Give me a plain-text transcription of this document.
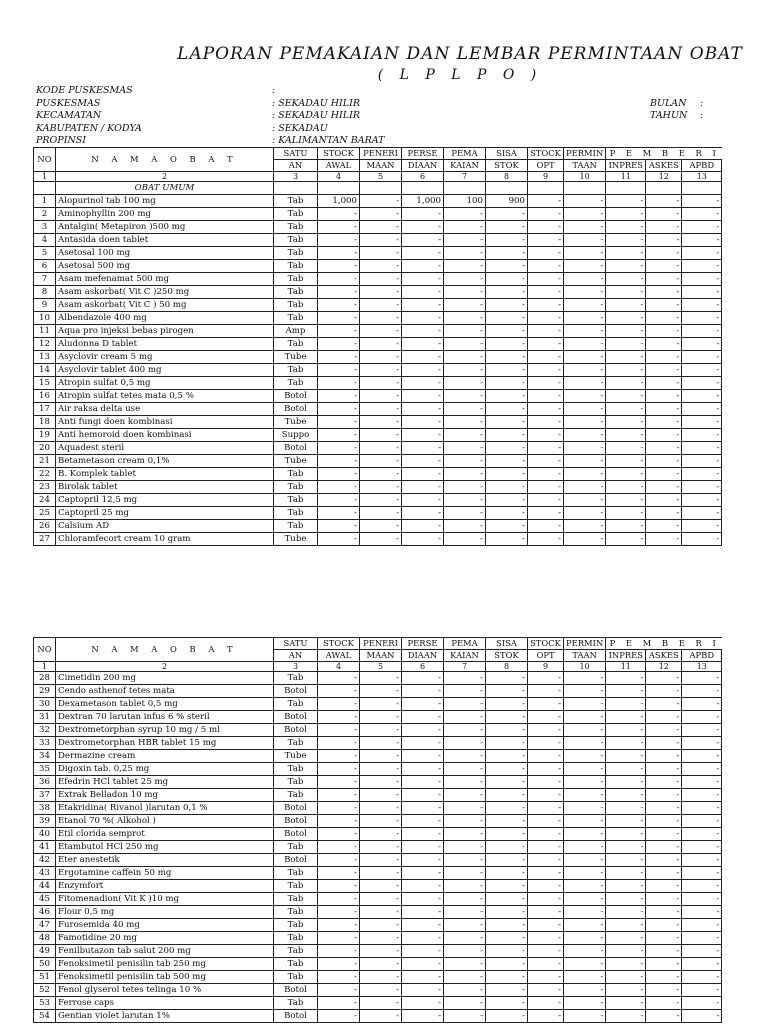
LAPORAN PEMAKAIAN DAN LEMBAR PERMINTAAN OBAT
( L P L P O )
KODE PUSKESMAS	:
PUSKESMAS	: SEKADAU HILIR	BULAN :
KECAMATAN	: SEKADAU HILIR	TAHUN :
KABUPATEN / KODYA	: SEKADAU
PROPINSI	: KALIMANTAN BARAT
NO	N A M A O B A T	SATU	STOCK	PENERI	PERSE	PEMA	SISA	STOCK	PERMIN	P E M B E R I		
		AN	AWAL	MAAN	DIAAN	KAIAN	STOK	OPT	TAAN	INPRES	ASKES	APBD
1	2	3	4	5	6	7	8	9	10	11	12	13
	OBAT UMUM											
1	Alopurinol tab 100 mg	Tab	1,000	-	1,000	100	900	-	-	-	-	-
2	Aminophyllin 200 mg	Tab	-	-	-	-	-	-	-	-	-	-
3	Antalgin( Metapiron )500 mg	Tab	-	-	-	-	-	-	-	-	-	-
4	Antasida doen tablet	Tab	-	-	-	-	-	-	-	-	-	-
5	Asetosal 100 mg	Tab	-	-	-	-	-	-	-	-	-	-
6	Asetosal 500 mg	Tab	-	-	-	-	-	-	-	-	-	-
7	Asam mefenamat 500 mg	Tab	-	-	-	-	-	-	-	-	-	-
8	Asam askorbat( Vit C )250 mg	Tab	-	-	-	-	-	-	-	-	-	-
9	Asam askorbat( Vit C ) 50 mg	Tab	-	-	-	-	-	-	-	-	-	-
10	Albendazole 400 mg	Tab	-	-	-	-	-	-	-	-	-	-
11	Aqua pro injeksi bebas pirogen	Amp	-	-	-	-	-	-	-	-	-	-
12	Aludonna D tablet	Tab	-	-	-	-	-	-	-	-	-	-
13	Asyclovir cream 5 mg	Tube	-	-	-	-	-	-	-	-	-	-
14	Asyclovir tablet 400 mg	Tab	-	-	-	-	-	-	-	-	-	-
15	Atropin sulfat 0,5 mg	Tab	-	-	-	-	-	-	-	-	-	-
16	Atropin sulfat tetes mata 0,5 %	Botol	-	-	-	-	-	-	-	-	-	-
17	Air raksa delta use	Botol	-	-	-	-	-	-	-	-	-	-
18	Anti fungi doen kombinasi	Tube	-	-	-	-	-	-	-	-	-	-
19	Anti hemoroid doen kombinasi	Suppo	-	-	-	-	-	-	-	-	-	-
20	Aquadest steril	Botol	-	-	-	-	-	-	-	-	-	-
21	Betametason cream 0,1%	Tube	-	-	-	-	-	-	-	-	-	-
22	B. Komplek tablet	Tab	-	-	-	-	-	-	-	-	-	-
23	Birolak tablet	Tab	-	-	-	-	-	-	-	-	-	-
24	Captopril 12,5 mg	Tab	-	-	-	-	-	-	-	-	-	-
25	Captopril 25 mg	Tab	-	-	-	-	-	-	-	-	-	-
26	Calsium AD	Tab	-	-	-	-	-	-	-	-	-	-
27	Chloramfecort cream 10 gram	Tube	-	-	-	-	-	-	-	-	-	-
NO	N A M A O B A T	SATU	STOCK	PENERI	PERSE	PEMA	SISA	STOCK	PERMIN	P E M B E R I		
		AN	AWAL	MAAN	DIAAN	KAIAN	STOK	OPT	TAAN	INPRES	ASKES	APBD
1	2	3	4	5	6	7	8	9	10	11	12	13
28	Cimetidin 200 mg	Tab	-	-	-	-	-	-	-	-	-	-
29	Cendo asthenof tetes mata	Botol	-	-	-	-	-	-	-	-	-	-
30	Dexametason tablet 0,5 mg	Tab	-	-	-	-	-	-	-	-	-	-
31	Dextran 70 larutan infus 6 % steril	Botol	-	-	-	-	-	-	-	-	-	-
32	Dextrometorphan syrup 10 mg / 5 ml	Botol	-	-	-	-	-	-	-	-	-	-
33	Dextrometorphan HBR tablet 15 mg	Tab	-	-	-	-	-	-	-	-	-	-
34	Dermazine cream	Tube	-	-	-	-	-	-	-	-	-	-
35	Digoxin tab. 0,25 mg	Tab	-	-	-	-	-	-	-	-	-	-
36	Efedrin HCl tablet 25 mg	Tab	-	-	-	-	-	-	-	-	-	-
37	Extrak Belladon 10 mg	Tab	-	-	-	-	-	-	-	-	-	-
38	Etakridina( Rivanol )larutan 0,1 %	Botol	-	-	-	-	-	-	-	-	-	-
39	Etanol 70 %( Alkohol )	Botol	-	-	-	-	-	-	-	-	-	-
40	Etil clorida semprot	Botol	-	-	-	-	-	-	-	-	-	-
41	Etambutol HCl 250 mg	Tab	-	-	-	-	-	-	-	-	-	-
42	Eter anestetik	Botol	-	-	-	-	-	-	-	-	-	-
43	Ergotamine caffein 50 mg	Tab	-	-	-	-	-	-	-	-	-	-
44	Enzymfort	Tab	-	-	-	-	-	-	-	-	-	-
45	Fitomenadion( Vit K )10 mg	Tab	-	-	-	-	-	-	-	-	-	-
46	Flour 0,5 mg	Tab	-	-	-	-	-	-	-	-	-	-
47	Furosemida 40 mg	Tab	-	-	-	-	-	-	-	-	-	-
48	Famotidine 20 mg	Tab	-	-	-	-	-	-	-	-	-	-
49	Fenilbutazon tab salut 200 mg	Tab	-	-	-	-	-	-	-	-	-	-
50	Fenoksimetil penisilin tab 250 mg	Tab	-	-	-	-	-	-	-	-	-	-
51	Fenoksimetil penisilin tab 500 mg	Tab	-	-	-	-	-	-	-	-	-	-
52	Fenol glyserol tetes telinga 10 %	Botol	-	-	-	-	-	-	-	-	-	-
53	Ferrose caps	Tab	-	-	-	-	-	-	-	-	-	-
54	Gentian violet larutan 1%	Botol	-	-	-	-	-	-	-	-	-	-
